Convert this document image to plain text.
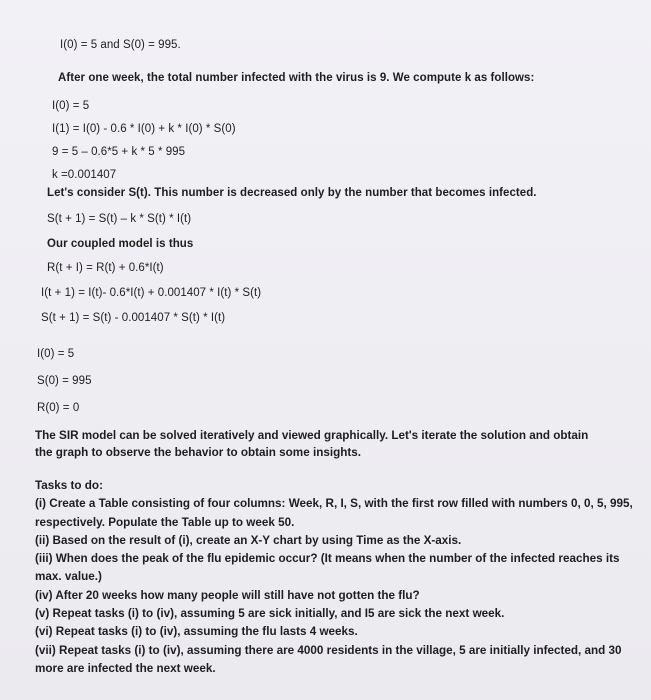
I(0) = 5 and S(0) = 995.
After one week, the total number infected with the virus is 9. We compute k as follows:
I(0) = 5
I(1) = I(0) - 0.6 * I(0) + k * I(0) * S(0)
9 = 5 – 0.6*5 + k * 5 * 995
k =0.001407
Let's consider S(t). This number is decreased only by the number that becomes infected.
S(t + 1) = S(t) – k * S(t) * I(t)
Our coupled model is thus
R(t + I) = R(t) + 0.6*I(t)
I(t + 1) = I(t)- 0.6*I(t) + 0.001407 * I(t) * S(t)
S(t + 1) = S(t) - 0.001407 * S(t) * I(t)
I(0) = 5
S(0) = 995
R(0) = 0
The SIR model can be solved iteratively and viewed graphically. Let's iterate the solution and obtain the graph to observe the behavior to obtain some insights.
Tasks to do:
(i) Create a Table consisting of four columns: Week, R, I, S, with the first row filled with numbers 0, 0, 5, 995, respectively. Populate the Table up to week 50.
(ii) Based on the result of (i), create an X-Y chart by using Time as the X-axis.
(iii) When does the peak of the flu epidemic occur? (It means when the number of the infected reaches its max. value.)
(iv) After 20 weeks how many people will still have not gotten the flu?
(v) Repeat tasks (i) to (iv), assuming 5 are sick initially, and I5 are sick the next week.
(vi) Repeat tasks (i) to (iv), assuming the flu lasts 4 weeks.
(vii) Repeat tasks (i) to (iv), assuming there are 4000 residents in the village, 5 are initially infected, and 30 more are infected the next week.
